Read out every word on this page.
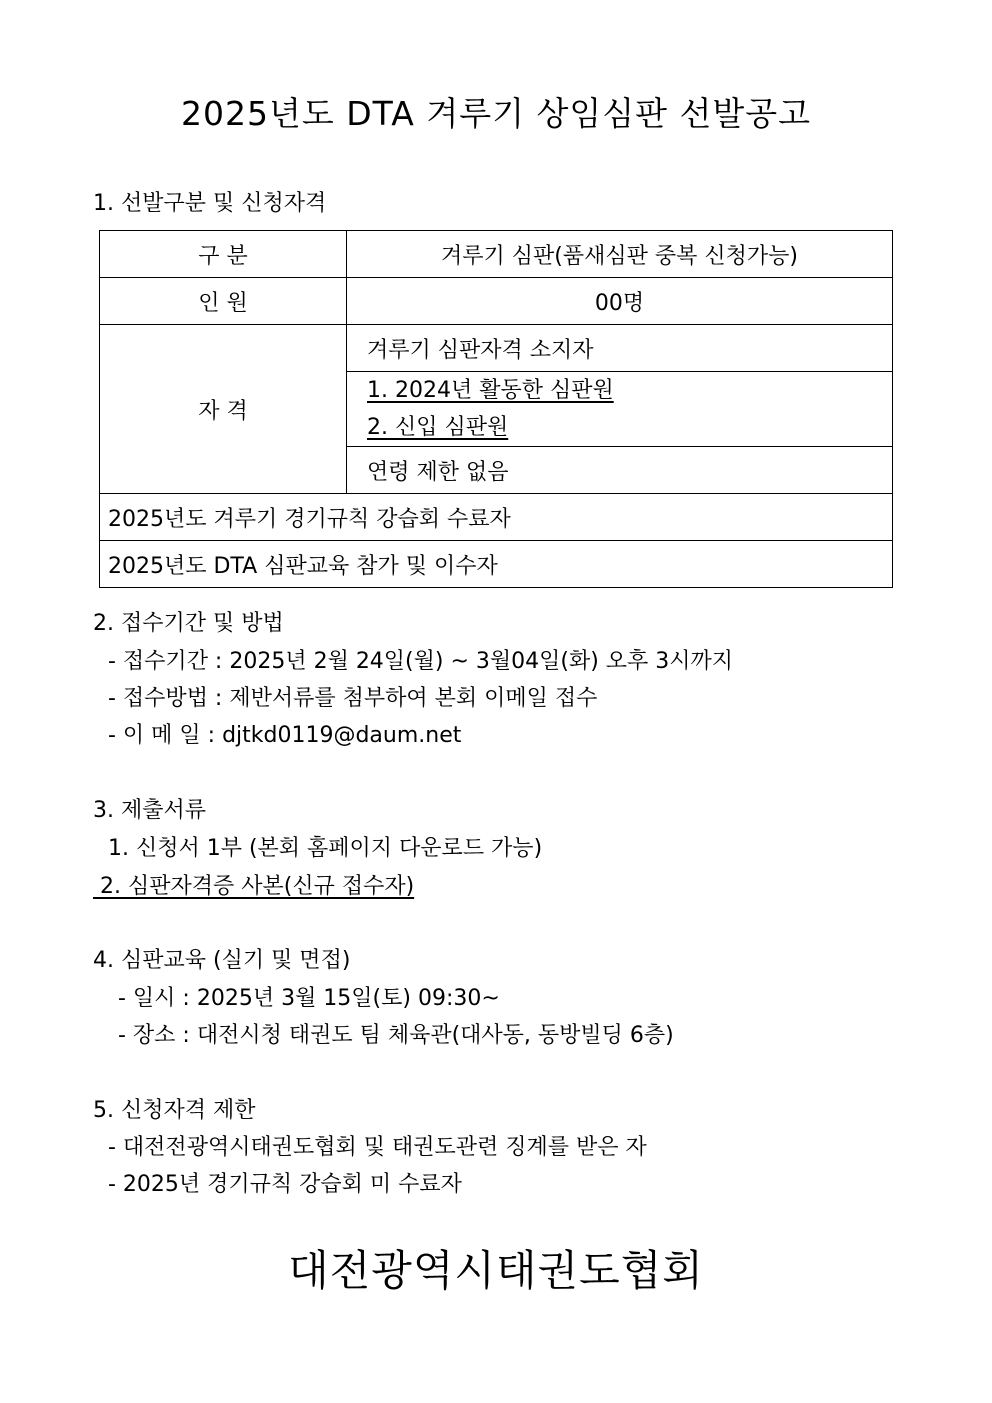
2025년도 DTA 겨루기 상임심판 선발공고
1. 선발구분 및 신청자격
구 분	겨루기 심판(품새심판 중복 신청가능)
인 원	00명
자 격	겨루기 심판자격 소지자

	1. 2024년 활동한 심판원
2. 신입 심판원

	연령 제한 없음
2025년도 겨루기 경기규칙 강습회 수료자	
2025년도 DTA 심판교육 참가 및 이수자	
2. 접수기간 및 방법
- 접수기간 : 2025년 2월 24일(월) ~ 3월04일(화) 오후 3시까지
- 접수방법 : 제반서류를 첨부하여 본회 이메일 접수
- 이 메 일 : djtkd0119@daum.net
3. 제출서류
1. 신청서 1부 (본회 홈페이지 다운로드 가능)
2. 심판자격증 사본(신규 접수자)
4. 심판교육 (실기 및 면접)
- 일시 : 2025년 3월 15일(토) 09:30~
- 장소 : 대전시청 태권도 팀 체육관(대사동, 동방빌딩 6층)
5. 신청자격 제한
- 대전전광역시태권도협회 및 태권도관련 징계를 받은 자
- 2025년 경기규칙 강습회 미 수료자
대전광역시태권도협회
